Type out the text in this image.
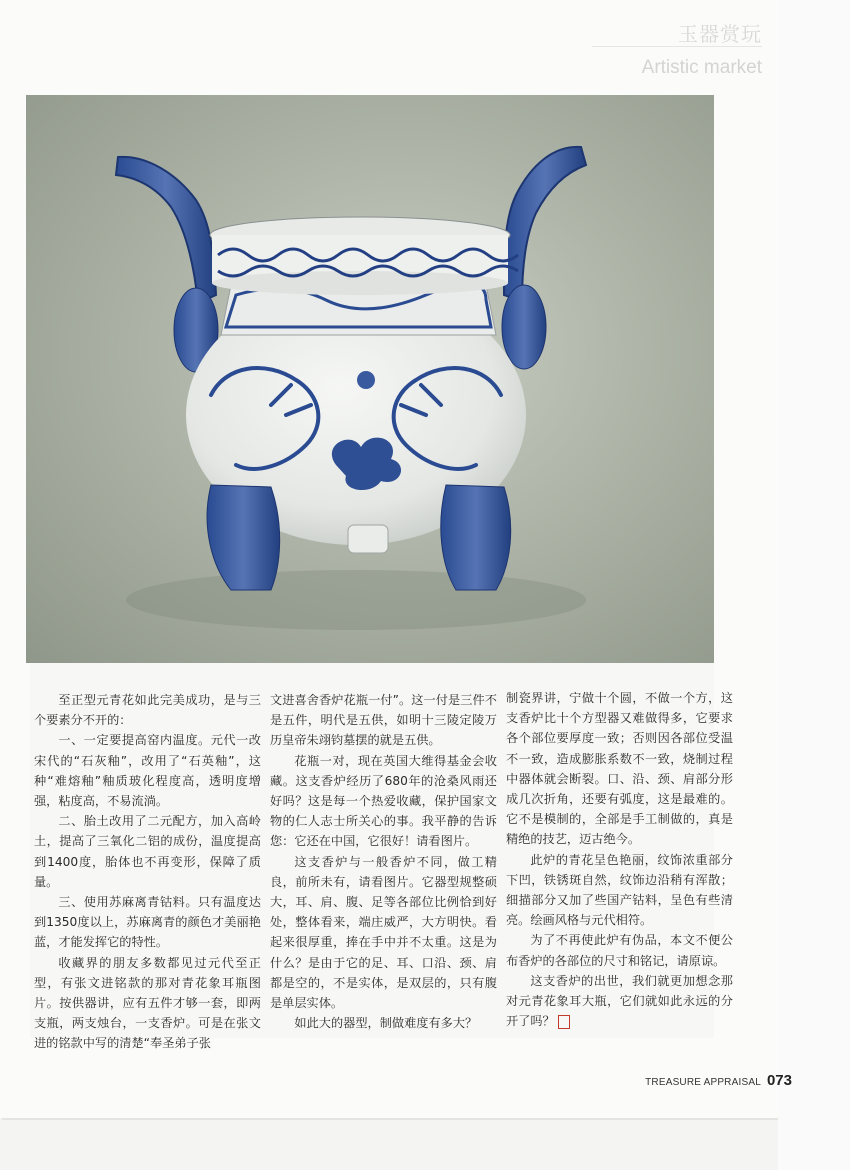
玉器赏玩
Artistic market

至正型元青花如此完美成功，是与三个要素分不开的：

一、一定要提高窑内温度。元代一改宋代的“石灰釉”，改用了“石英釉”，这种“难熔釉”釉质玻化程度高，透明度增强，粘度高，不易流淌。

二、胎土改用了二元配方，加入高岭土，提高了三氧化二铝的成份，温度提高到1400度，胎体也不再变形，保障了质量。

三、使用苏麻离青钴料。只有温度达到1350度以上，苏麻离青的颜色才美丽艳蓝，才能发挥它的特性。

收藏界的朋友多数都见过元代至正型，有张文进铭款的那对青花象耳瓶图片。按供器讲，应有五件才够一套，即两支瓶，两支烛台，一支香炉。可是在张文进的铭款中写的清楚“奉圣弟子张

文进喜舍香炉花瓶一付”。这一付是三件不是五件，明代是五供，如明十三陵定陵万历皇帝朱翊钧墓摆的就是五供。

花瓶一对，现在英国大维得基金会收藏。这支香炉经历了680年的沧桑风雨还好吗？这是每一个热爱收藏，保护国家文物的仁人志士所关心的事。我平静的告诉您：它还在中国，它很好！请看图片。

这支香炉与一般香炉不同，做工精良，前所未有，请看图片。它器型规整硕大，耳、肩、腹、足等各部位比例恰到好处，整体看来，端庄威严，大方明快。看起来很厚重，捧在手中并不太重。这是为什么？是由于它的足、耳、口沿、颈、肩都是空的，不是实体，是双层的，只有腹是单层实体。

如此大的器型，制做难度有多大？

制瓷界讲，宁做十个圆，不做一个方，这支香炉比十个方型器又难做得多，它要求各个部位要厚度一致；否则因各部位受温不一致，造成膨胀系数不一致，烧制过程中器体就会断裂。口、沿、颈、肩部分形成几次折角，还要有弧度，这是最难的。它不是模制的，全部是手工制做的，真是精绝的技艺，迈古绝今。

此炉的青花呈色艳丽，纹饰浓重部分下凹，铁锈斑自然，纹饰边沿稍有浑散；细描部分又加了些国产钴料，呈色有些清亮。绘画风格与元代相符。

为了不再使此炉有伪品，本文不便公布香炉的各部位的尺寸和铭记，请原谅。

这支香炉的出世，我们就更加想念那对元青花象耳大瓶，它们就如此永远的分开了吗？

TREASURE APPRAISAL 073
